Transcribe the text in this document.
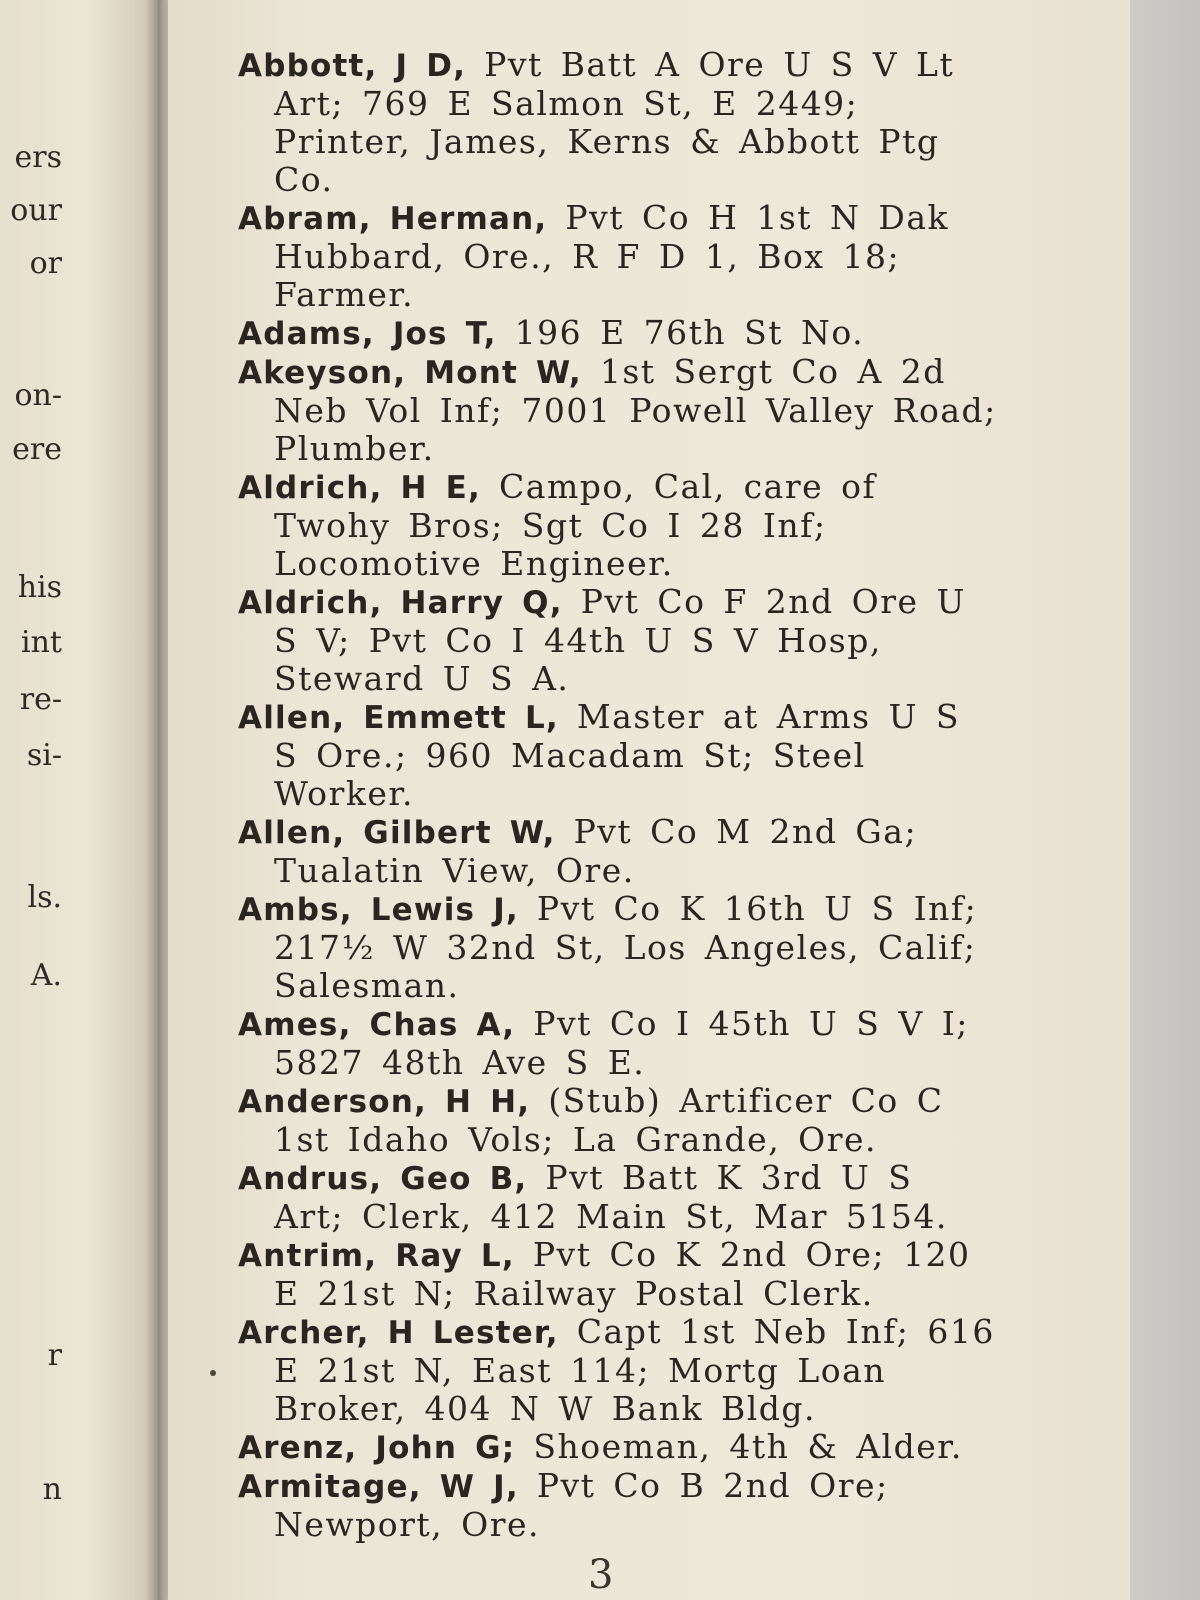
ers
our
or
on-
ere
his
int
re-
si-
ls.
A.
r
n

Abbott, J D, Pvt Batt A Ore U S V Lt Art; 769 E Salmon St, E 2449; Printer, James, Kerns & Abbott Ptg Co.

Abram, Herman, Pvt Co H 1st N Dak Hubbard, Ore., R F D 1, Box 18; Farmer.

Adams, Jos T, 196 E 76th St No.

Akeyson, Mont W, 1st Sergt Co A 2d Neb Vol Inf; 7001 Powell Valley Road; Plumber.

Aldrich, H E, Campo, Cal, care of Twohy Bros; Sgt Co I 28 Inf; Locomotive Engineer.

Aldrich, Harry Q, Pvt Co F 2nd Ore U S V; Pvt Co I 44th U S V Hosp, Steward U S A.

Allen, Emmett L, Master at Arms U S S Ore.; 960 Macadam St; Steel Worker.

Allen, Gilbert W, Pvt Co M 2nd Ga; Tualatin View, Ore.

Ambs, Lewis J, Pvt Co K 16th U S Inf; 217½ W 32nd St, Los Angeles, Calif; Salesman.

Ames, Chas A, Pvt Co I 45th U S V I; 5827 48th Ave S E.

Anderson, H H, (Stub) Artificer Co C 1st Idaho Vols; La Grande, Ore.

Andrus, Geo B, Pvt Batt K 3rd U S Art; Clerk, 412 Main St, Mar 5154.

Antrim, Ray L, Pvt Co K 2nd Ore; 120 E 21st N; Railway Postal Clerk.

Archer, H Lester, Capt 1st Neb Inf; 616 E 21st N, East 114; Mortg Loan Broker, 404 N W Bank Bldg.

Arenz, John G; Shoeman, 4th & Alder.

Armitage, W J, Pvt Co B 2nd Ore; Newport, Ore.

3
